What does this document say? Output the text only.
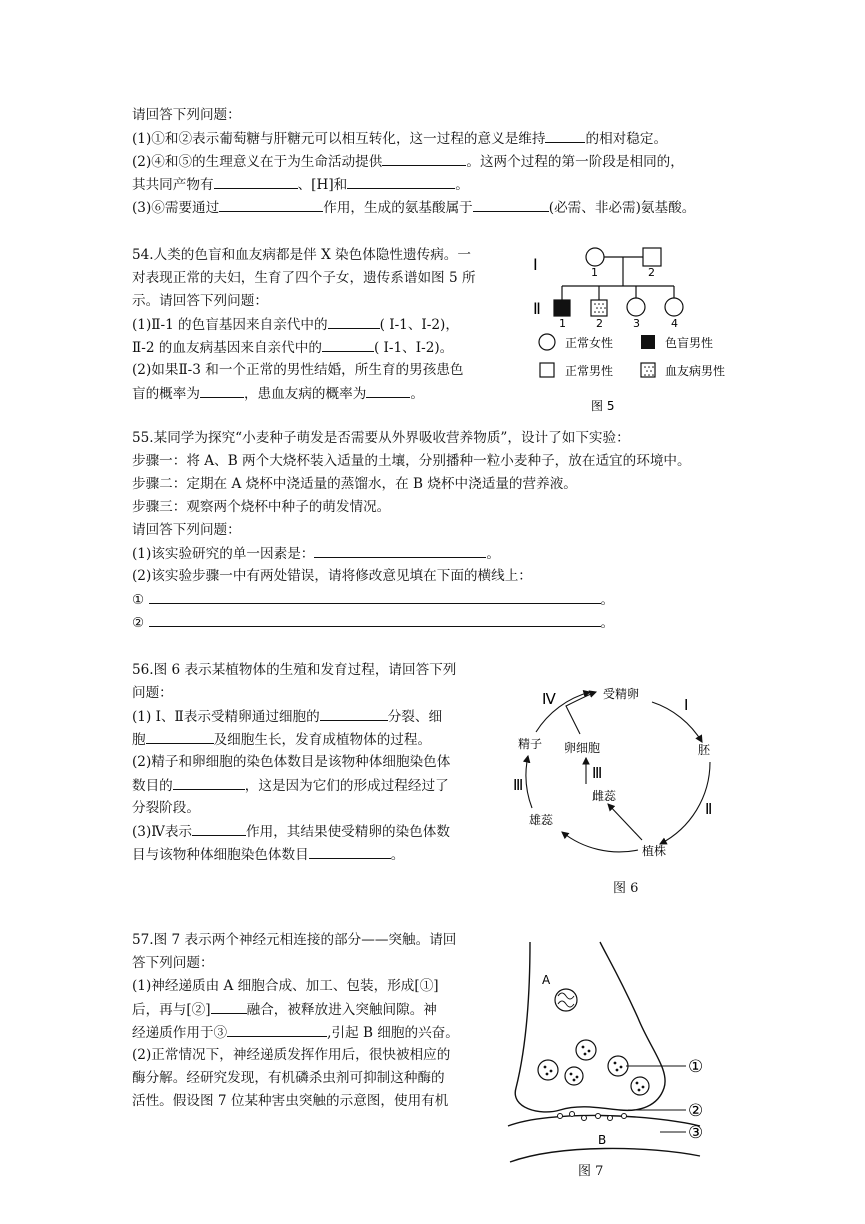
请回答下列问题：
(1)①和②表示葡萄糖与肝糖元可以相互转化，这一过程的意义是维持	的相对稳定。
(2)④和⑤的生理意义在于为生命活动提供	。这两个过程的第一阶段是相同的，
其共同产物有	、[H]和	。
(3)⑥需要通过	作用，生成的氨基酸属于	(必需、非必需)氨基酸。
54.人类的色盲和血友病都是伴 X 染色体隐性遗传病。一
对表现正常的夫妇，生育了四个子女，遗传系谱如图 5 所
示。请回答下列问题：
(1)Ⅱ-1 的色盲基因来自亲代中的	( Ⅰ-1、Ⅰ-2)，
Ⅱ-2 的血友病基因来自亲代中的	( Ⅰ-1、Ⅰ-2)。
(2)如果Ⅱ-3 和一个正常的男性结婚，所生育的男孩患色
盲的概率为	，患血友病的概率为	。
Ⅰ
Ⅱ
1	2
1	2	3	4
正常女性	色盲男性
正常男性	血友病男性
图 5
55.某同学为探究“小麦种子萌发是否需要从外界吸收营养物质”，设计了如下实验：
步骤一：将 A、B 两个大烧杯装入适量的土壤，分别播种一粒小麦种子，放在适宜的环境中。
步骤二：定期在 A 烧杯中浇适量的蒸馏水，在 B 烧杯中浇适量的营养液。
步骤三：观察两个烧杯中种子的萌发情况。
请回答下列问题：
(1)该实验研究的单一因素是：	。
(2)该实验步骤一中有两处错误，请将修改意见填在下面的横线上：
①	。
②	。
56.图 6 表示某植物体的生殖和发育过程，请回答下列
问题：
(1) Ⅰ、Ⅱ表示受精卵通过细胞的	分裂、细
胞	及细胞生长，发育成植物体的过程。
(2)精子和卵细胞的染色体数目是该物种体细胞染色体
数目的	，这是因为它们的形成过程经过了
分裂阶段。
(3)Ⅳ表示	作用，其结果使受精卵的染色体数
目与该物种体细胞染色体数目	。
受精卵
胚
植株
雄蕊
精子 卵细胞
雌蕊
Ⅰ
Ⅱ
Ⅲ
Ⅲ
Ⅳ
图 6
57.图 7 表示两个神经元相连接的部分——突触。请回
答下列问题：
(1)神经递质由 A 细胞合成、加工、包装，形成[①]
后，再与[②]	融合，被释放进入突触间隙。神
经递质作用于③	,引起 B 细胞的兴奋。
(2)正常情况下，神经递质发挥作用后，很快被相应的
酶分解。经研究发现，有机磷杀虫剂可抑制这种酶的
活性。假设图 7 位某种害虫突触的示意图，使用有机
A
B
①
②
③
图 7
